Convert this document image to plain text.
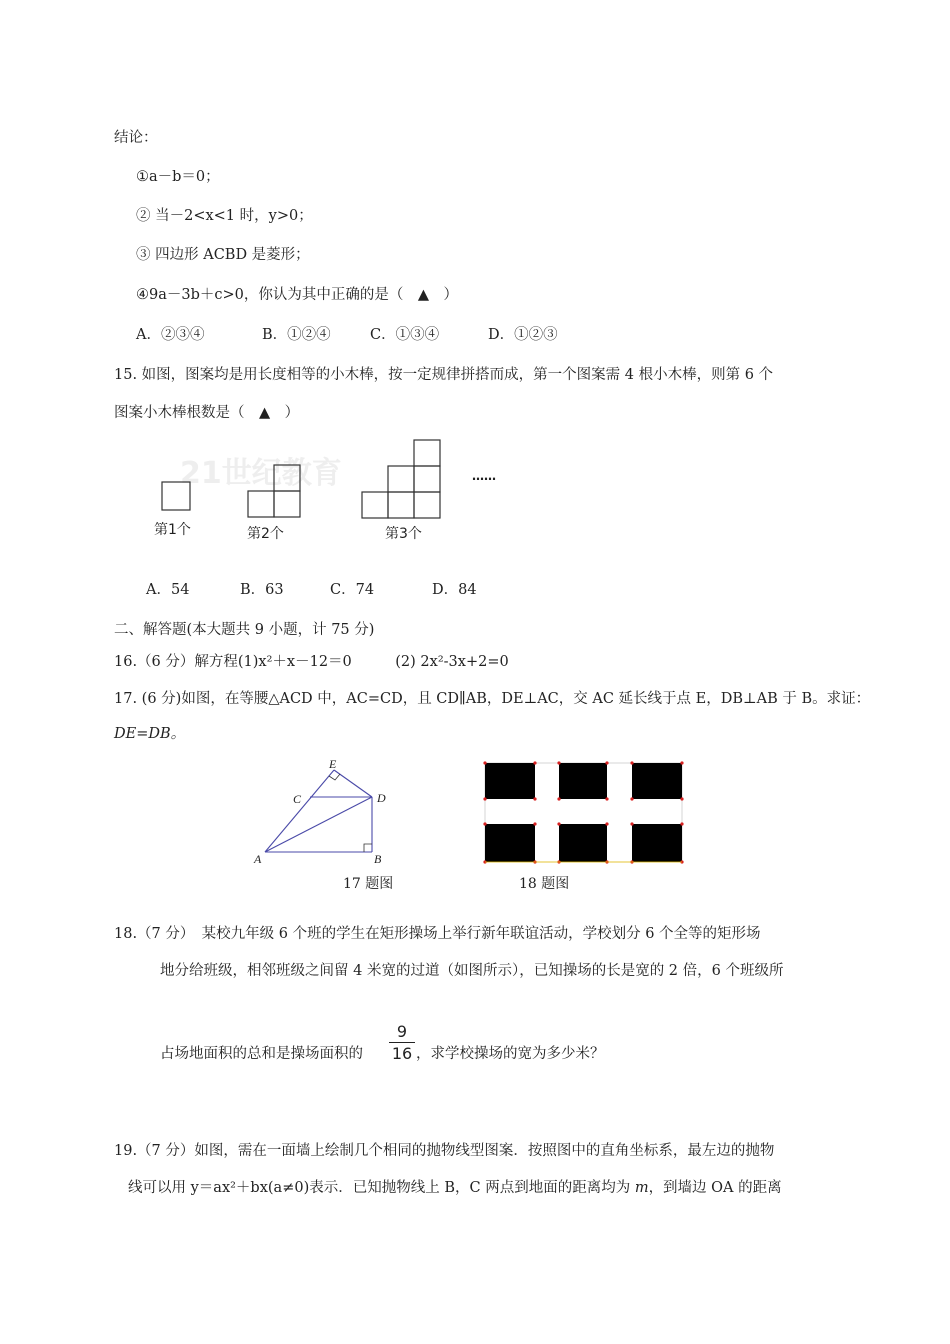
结论：
①a－b＝0；
② 当－2<x<1 时，y>0；
③ 四边形 ACBD 是菱形；
④9a－3b＋c>0，你认为其中正确的是（　▲　）
A．②③④	B．①②④	C．①③④	D．①②③
15. 如图，图案均是用长度相等的小木棒，按一定规律拼搭而成，第一个图案需 4 根小木棒，则第 6 个
图案小木棒根数是（　▲　）
21世纪教育	……
第1个	第2个	第3个
A．54	B．63	C．74	D．84
二、解答题(本大题共 9 小题，计 75 分)
16.（6 分）解方程(1)x²＋x－12＝0　　　(2) 2x²-3x+2=0
17. (6 分)如图，在等腰△ACD 中，AC=CD，且 CD∥AB，DE⊥AC，交 AC 延长线于点 E，DB⊥AB 于 B。求证：
DE=DB。
E
C	D
A	B
17 题图	18 题图
18.（7 分）　某校九年级 6 个班的学生在矩形操场上举行新年联谊活动，学校划分 6 个全等的矩形场
地分给班级，相邻班级之间留 4 米宽的过道（如图所示），已知操场的长是宽的 2 倍，6 个班级所
占场地面积的总和是操场面积的
9
16 ，求学校操场的宽为多少米？
19.（7 分）如图，需在一面墙上绘制几个相同的抛物线型图案．按照图中的直角坐标系，最左边的抛物
线可以用 y＝ax²＋bx(a≠0)表示．已知抛物线上 B，C 两点到地面的距离均为 m，到墙边 OA 的距离
